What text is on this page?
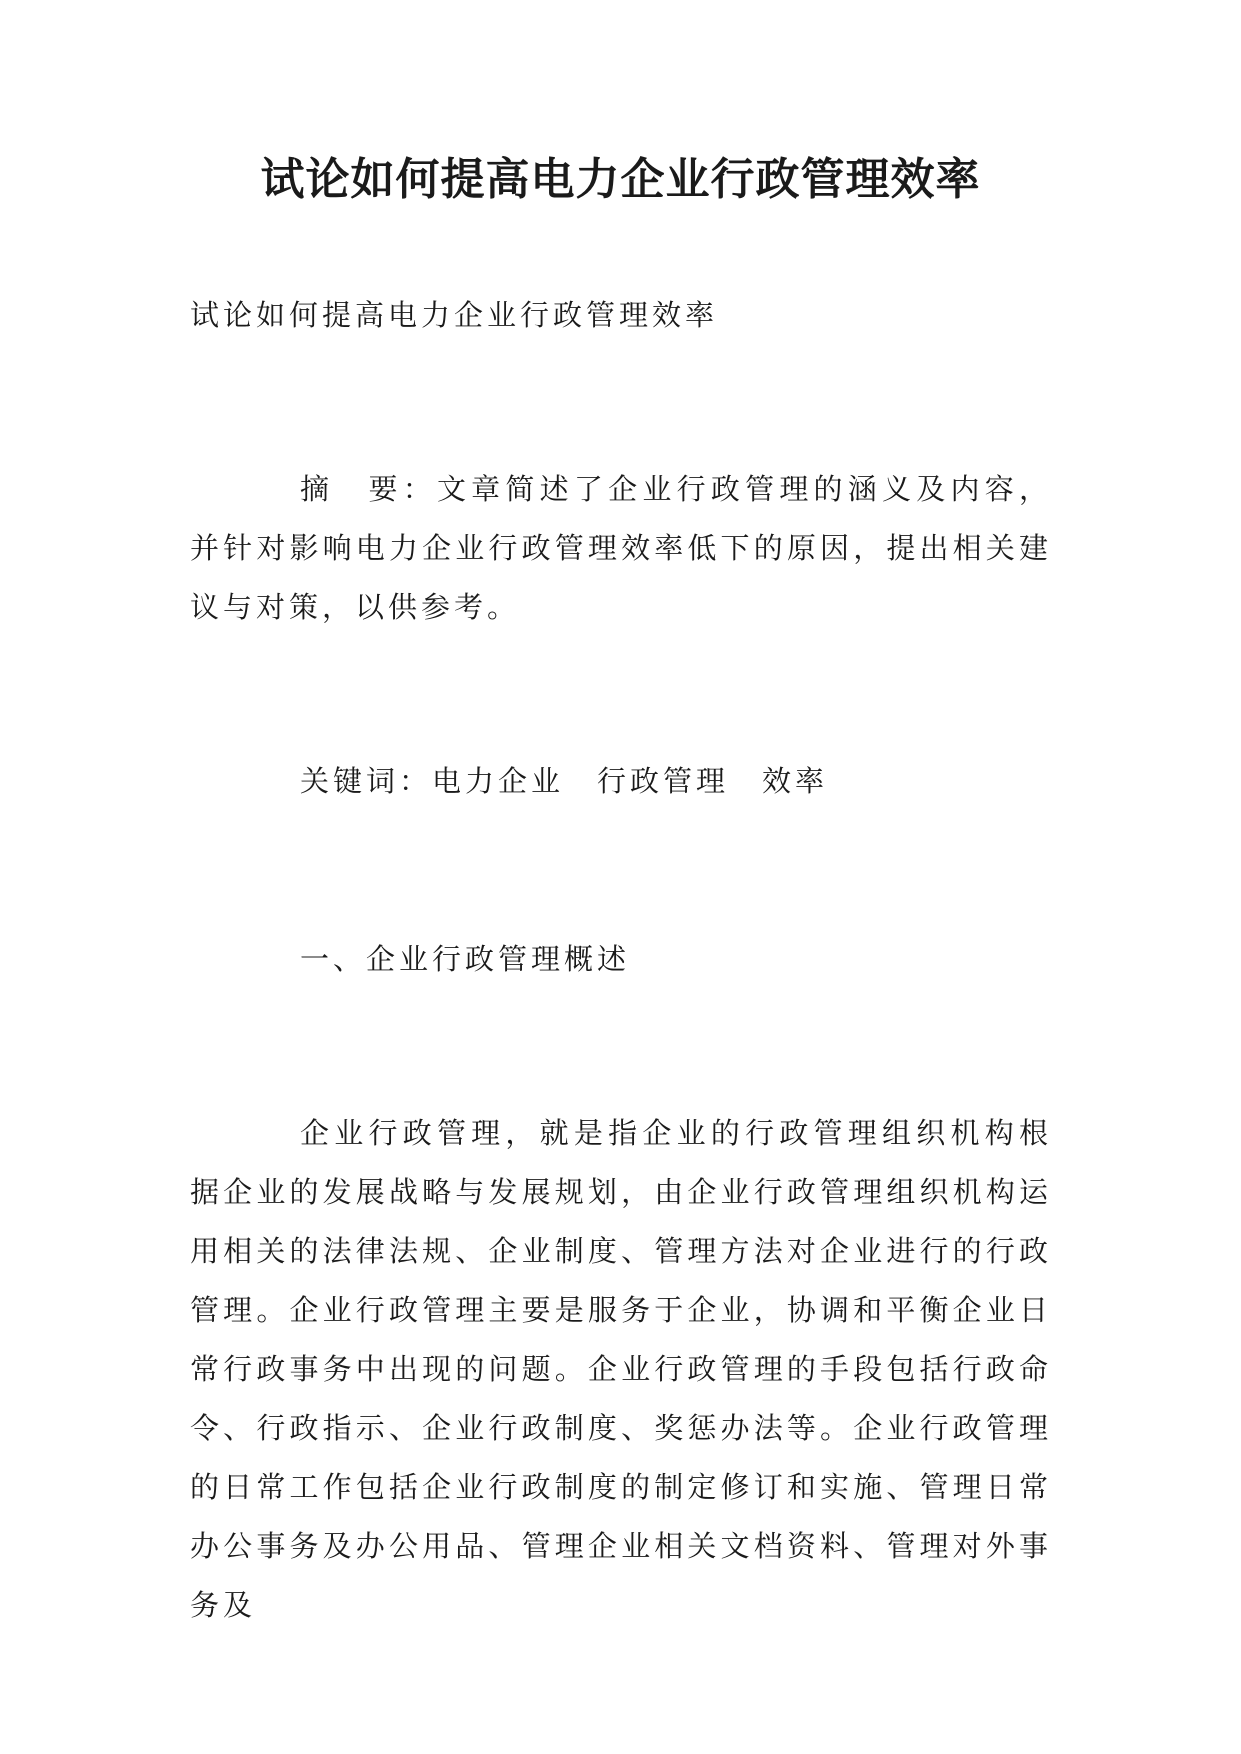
试论如何提高电力企业行政管理效率

试论如何提高电力企业行政管理效率

摘　要：文章简述了企业行政管理的涵义及内容，并针对影响电力企业行政管理效率低下的原因，提出相关建议与对策，以供参考。

关键词：电力企业　行政管理　效率

一、企业行政管理概述

企业行政管理，就是指企业的行政管理组织机构根据企业的发展战略与发展规划，由企业行政管理组织机构运用相关的法律法规、企业制度、管理方法对企业进行的行政管理。企业行政管理主要是服务于企业，协调和平衡企业日常行政事务中出现的问题。企业行政管理的手段包括行政命令、行政指示、企业行政制度、奖惩办法等。企业行政管理的日常工作包括企业行政制度的制定修订和实施、管理日常办公事务及办公用品、管理企业相关文档资料、管理对外事务及
